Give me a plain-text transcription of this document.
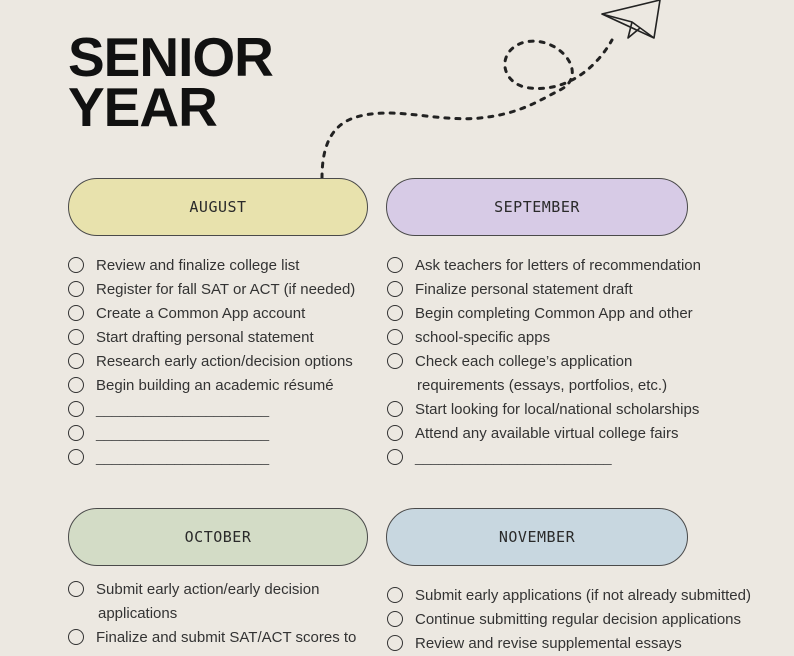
SENIOR
YEAR
AUGUST	SEPTEMBER
OCTOBER	NOVEMBER
Review and finalize college list
Register for fall SAT or ACT (if needed)
Create a Common App account
Start drafting personal statement
Research early action/decision options
Begin building an academic résumé
______________________
______________________
______________________
Ask teachers for letters of recommendation
Finalize personal statement draft
Begin completing Common App and other
school-specific apps
Check each college’s application
requirements (essays, portfolios, etc.)
Start looking for local/national scholarships
Attend any available virtual college fairs
_________________________
Submit early action/early decision
applications
Finalize and submit SAT/ACT scores to
Submit early applications (if not already submitted)
Continue submitting regular decision applications
Review and revise supplemental essays
